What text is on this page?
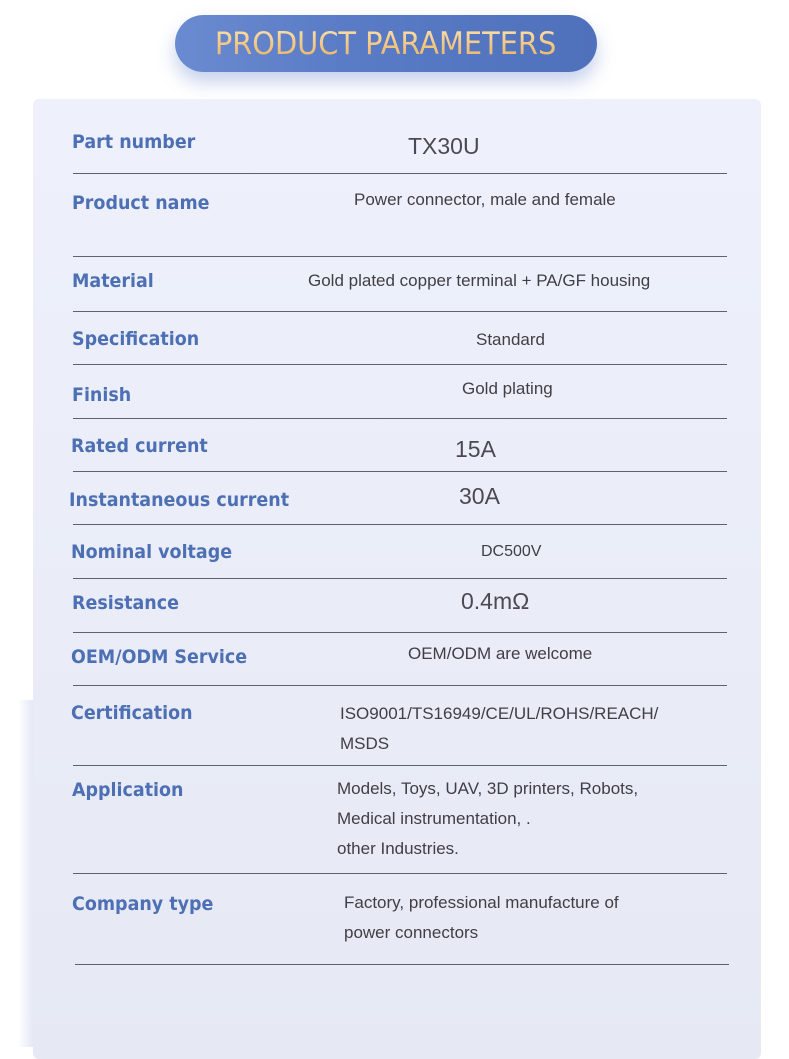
PRODUCT PARAMETERS
Part number	TX30U
Product name	Power connector, male and female
Material	Gold plated copper terminal + PA/GF housing
Specification	Standard
Finish	Gold plating
Rated current	15A
Instantaneous current	30A
Nominal voltage	DC500V
Resistance	0.4mΩ
OEM/ODM Service	OEM/ODM are welcome
Certification	ISO9001/TS16949/CE/UL/ROHS/REACH/
MSDS
Application	Models, Toys, UAV, 3D printers, Robots,
Medical instrumentation, .
other Industries.
Company type	Factory, professional manufacture of
power connectors
